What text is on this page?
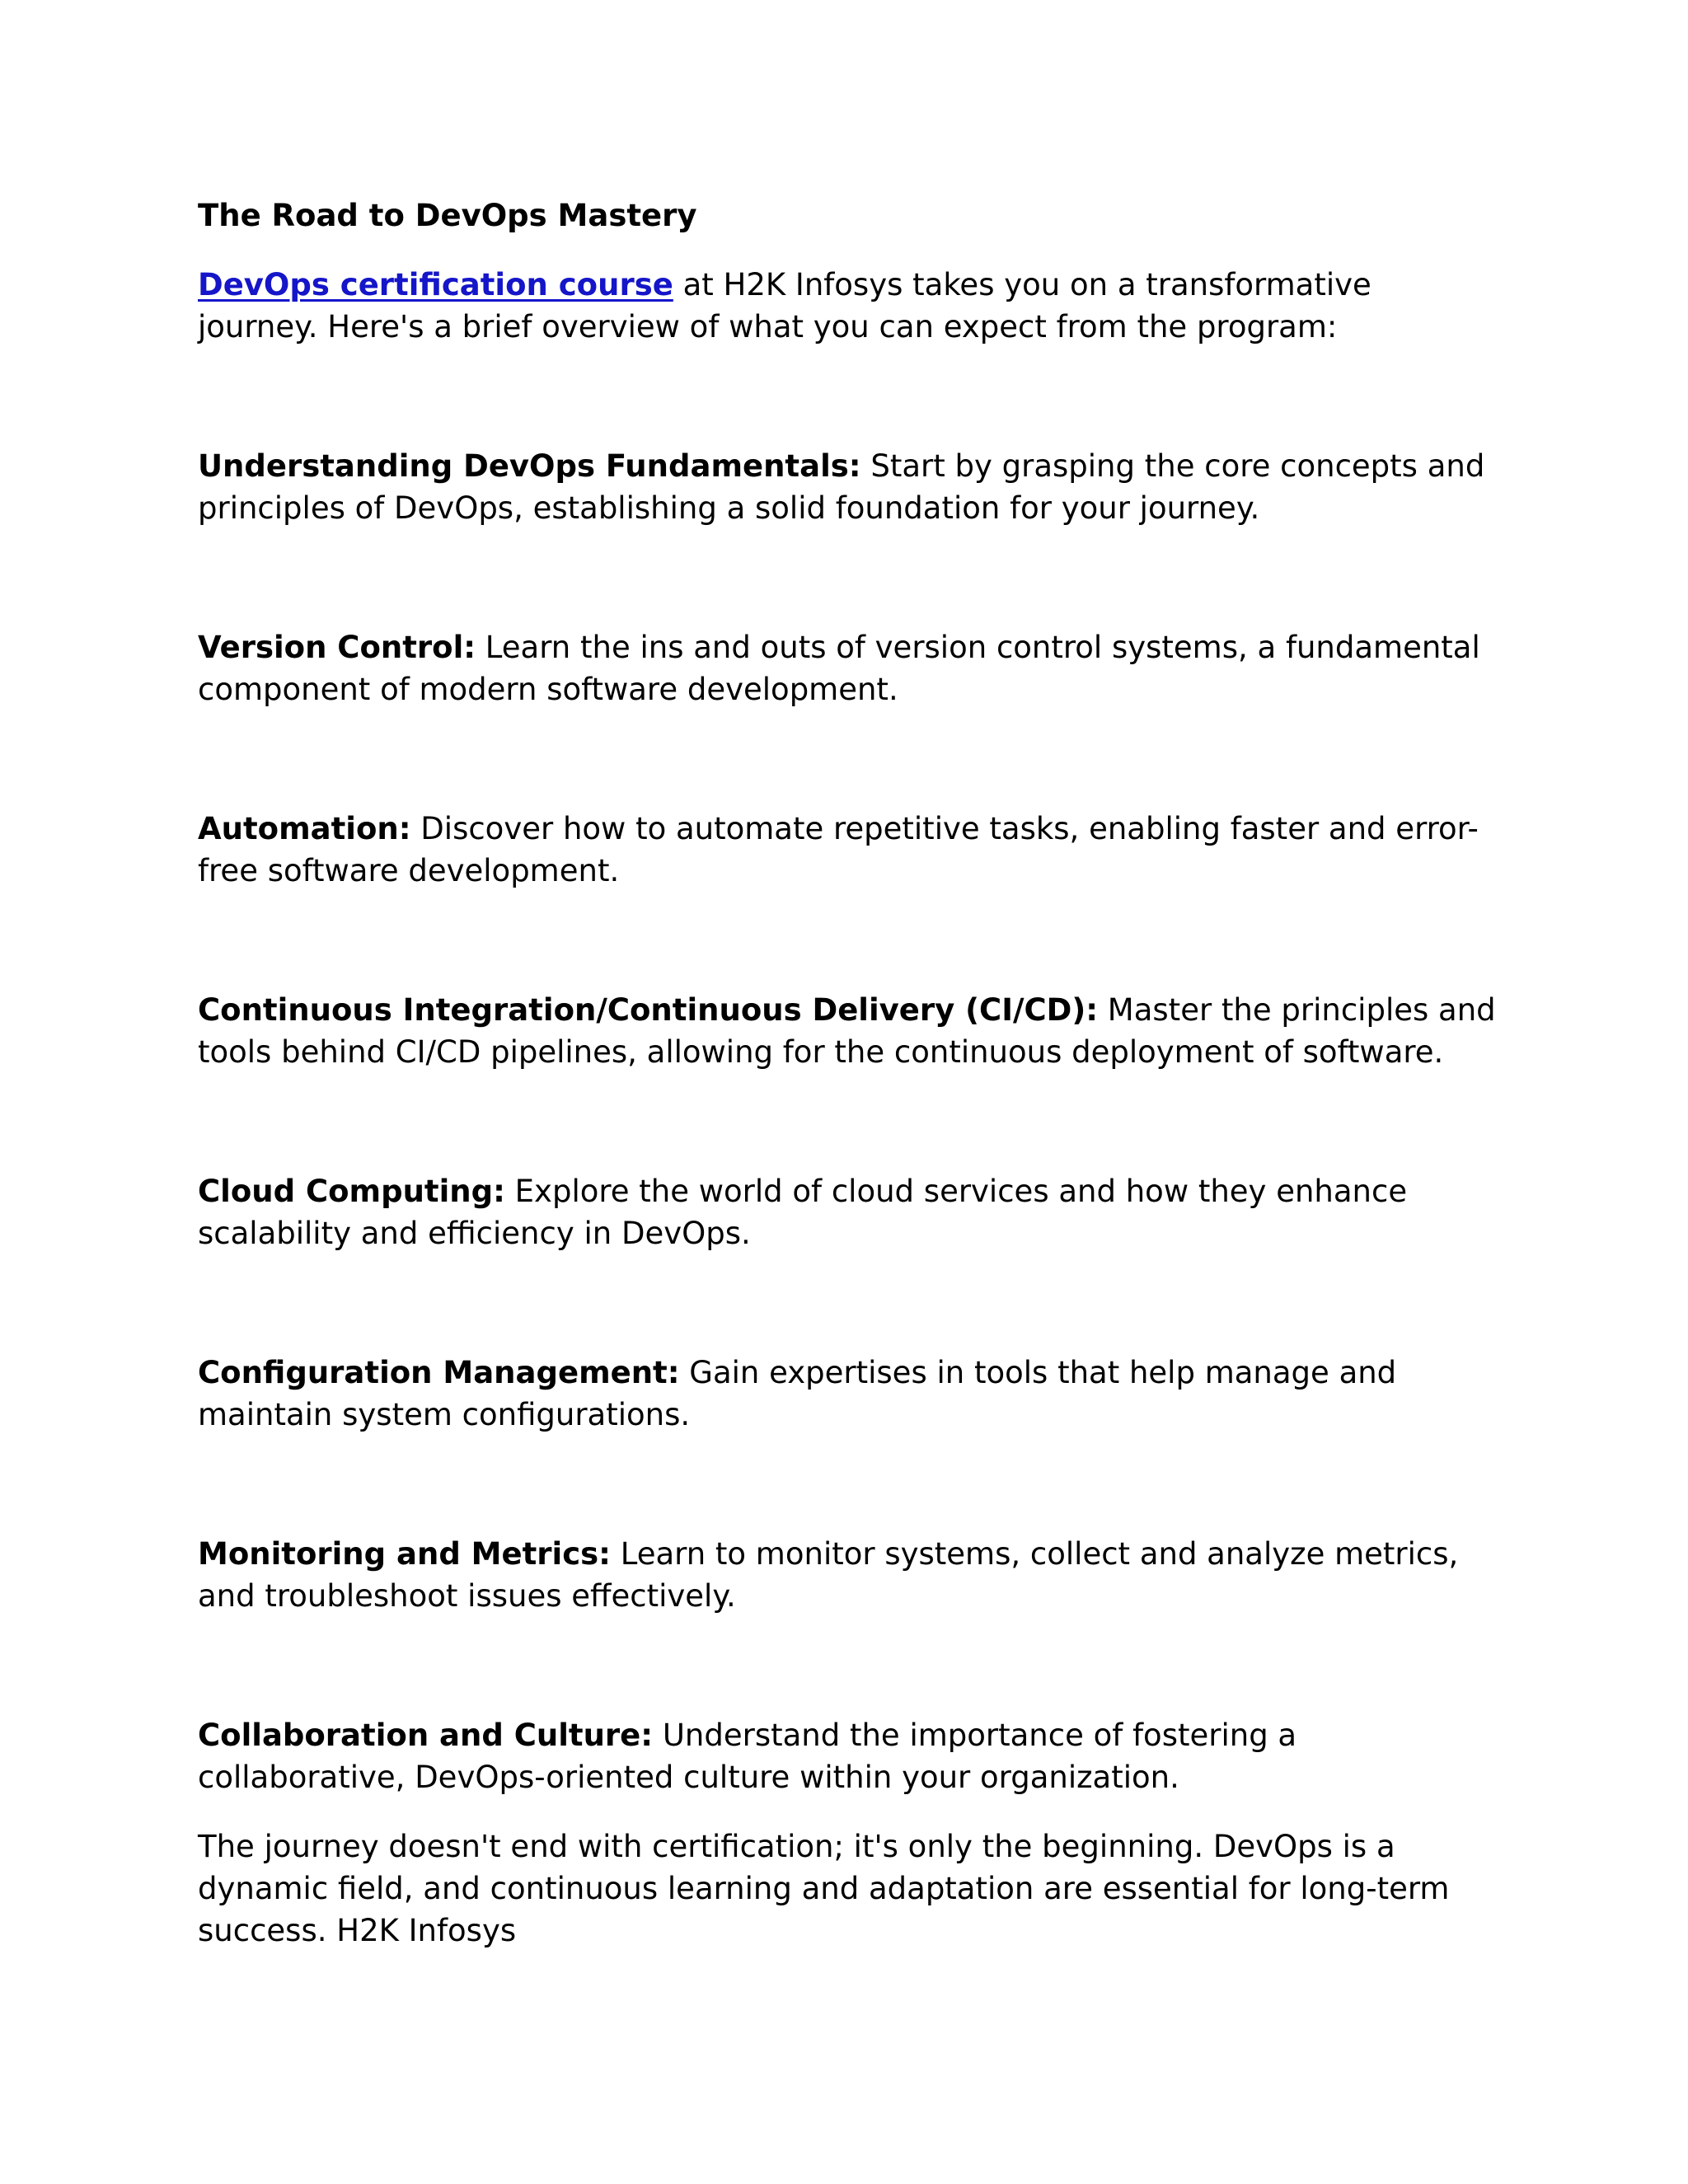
The Road to DevOps Mastery

DevOps certification course at H2K Infosys takes you on a transformative journey. Here's a brief overview of what you can expect from the program:

Understanding DevOps Fundamentals: Start by grasping the core concepts and principles of DevOps, establishing a solid foundation for your journey.

Version Control: Learn the ins and outs of version control systems, a fundamental component of modern software development.

Automation: Discover how to automate repetitive tasks, enabling faster and error-free software development.

Continuous Integration/Continuous Delivery (CI/CD): Master the principles and tools behind CI/CD pipelines, allowing for the continuous deployment of software.

Cloud Computing: Explore the world of cloud services and how they enhance scalability and efficiency in DevOps.

Configuration Management: Gain expertises in tools that help manage and maintain system configurations.

Monitoring and Metrics: Learn to monitor systems, collect and analyze metrics, and troubleshoot issues effectively.

Collaboration and Culture: Understand the importance of fostering a collaborative, DevOps-oriented culture within your organization.

The journey doesn't end with certification; it's only the beginning. DevOps is a dynamic field, and continuous learning and adaptation are essential for long-term success. H2K Infosys
